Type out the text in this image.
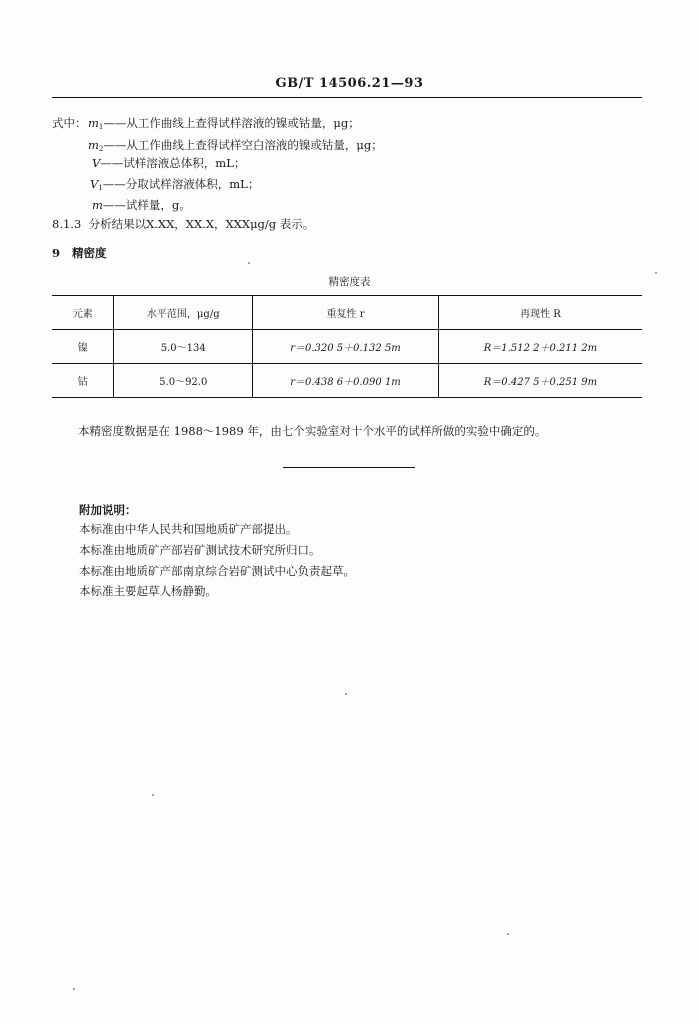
GB/T 14506.21—93
式中： $m_1——$从工作曲线上查得试样溶液的镍或钴量，μg；
$m_2——$从工作曲线上查得试样空白溶液的镍或钴量，μg；
V——试样溶液总体积，mL；
$V_1——$分取试样溶液体积，mL；
m——试样量，g。
8.1.3 分析结果以X.XX，XX.X，XXXμg/g 表示。
9 精密度
精密度表
元素	水平范围，μg/g	重复性 r	再现性 R
镍	5.0～134	r＝0.320 5＋0.132 5m	R＝1.512 2＋0.211 2m
钴	5.0～92.0	r＝0.438 6＋0.090 1m	R＝0.427 5＋0.251 9m
本精密度数据是在 1988～1989 年，由七个实验室对十个水平的试样所做的实验中确定的。
附加说明：
本标准由中华人民共和国地质矿产部提出。
本标准由地质矿产部岩矿测试技术研究所归口。
本标准由地质矿产部南京综合岩矿测试中心负责起草。
本标准主要起草人杨静勤。
